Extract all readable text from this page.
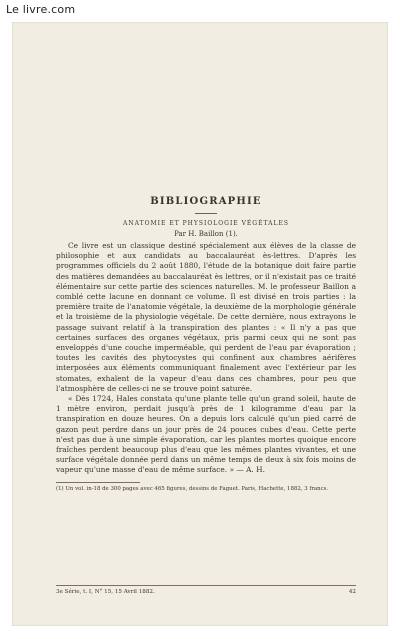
Le livre.com
BIBLIOGRAPHIE

ANATOMIE ET PHYSIOLOGIE VÉGÉTALES

Par H. Baillon (1).

Ce livre est un classique destiné spécialement aux élèves de la classe de philosophie et aux candidats au baccalauréat ès-lettres. D'après les programmes officiels du 2 août 1880, l'étude de la botanique doit faire partie des matières demandées au baccalauréat ès lettres, or il n'existait pas ce traité élémentaire sur cette partie des sciences naturelles. M. le professeur Baillon a comblé cette lacune en donnant ce volume. Il est divisé en trois parties : la première traite de l'anatomie végétale, la deuxième de la morphologie générale et la troisième de la physiologie végétale. De cette dernière, nous extrayons le passage suivant relatif à la transpiration des plantes : « Il n'y a pas que certaines surfaces des organes végétaux, pris parmi ceux qui ne sont pas enveloppés d'une couche imperméable, qui perdent de l'eau par évaporation ; toutes les cavités des phytocystes qui confinent aux chambres aérifères interposées aux éléments communiquant finalement avec l'extérieur par les stomates, exhalent de la vapeur d'eau dans ces chambres, pour peu que l'atmosphère de celles-ci ne se trouve point saturée.

« Dès 1724, Hales constata qu'une plante telle qu'un grand soleil, haute de 1 mètre environ, perdait jusqu'à près de 1 kilogramme d'eau par la transpiration en douze heures. On a depuis lors calculé qu'un pied carré de gazon peut perdre dans un jour près de 24 pouces cubes d'eau. Cette perte n'est pas due à une simple évaporation, car les plantes mortes quoique encore fraîches perdent beaucoup plus d'eau que les mêmes plantes vivantes, et une surface végétale donnée perd dans un même temps de deux à six fois moins de vapeur qu'une masse d'eau de même surface. » — A. H.

(1) Un vol. in-18 de 300 pages avec 465 figures, dessins de Faguet. Paris, Hachette, 1882, 3 francs.

3e Série, t. I, N° 15, 15 Avril 1882.	42
